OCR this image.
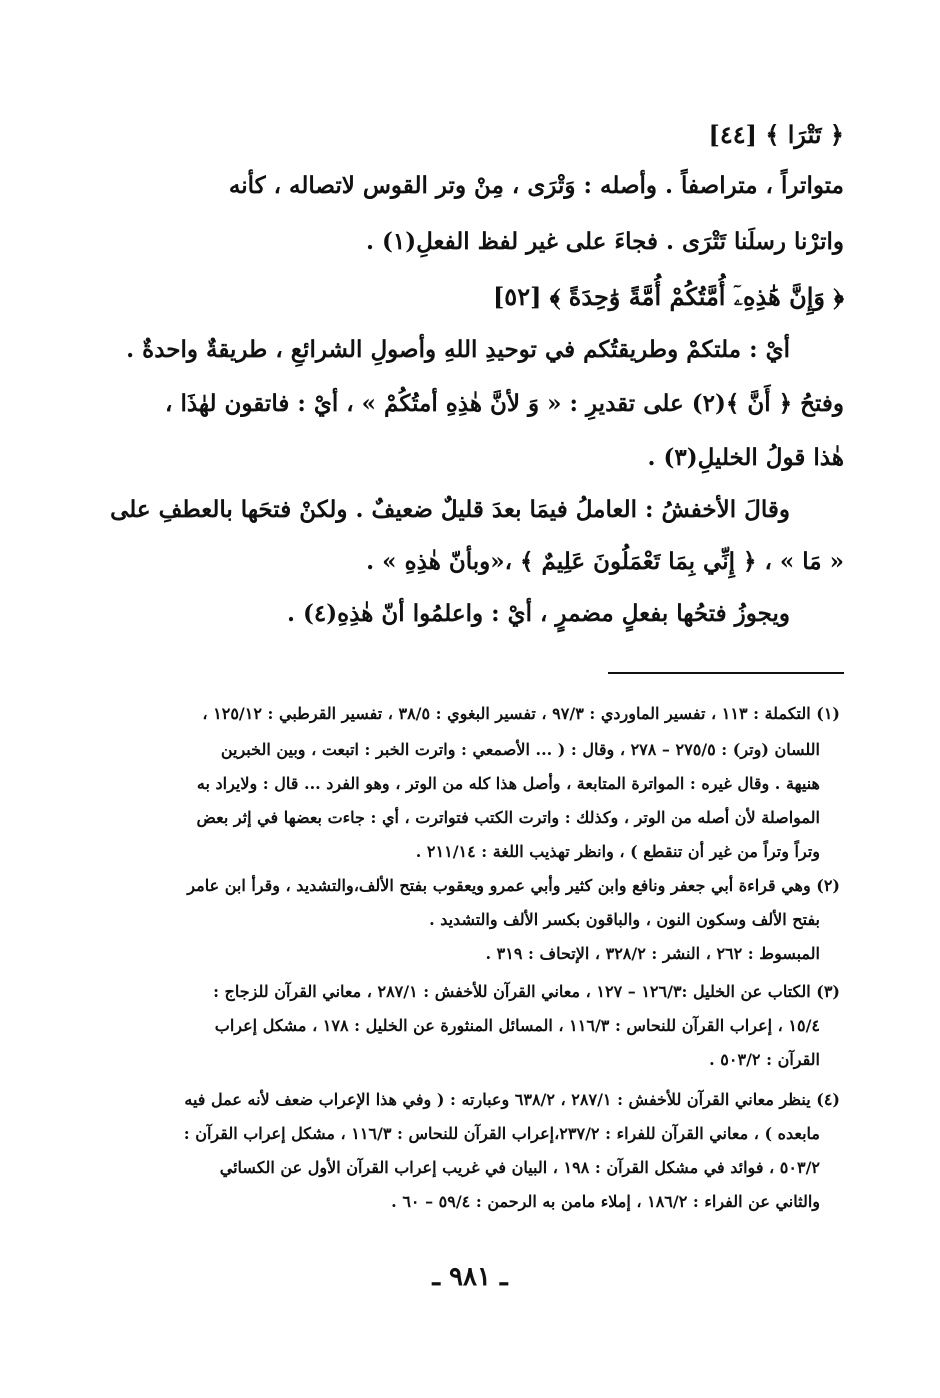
﴿ تَتْرَا ﴾ [٤٤]
متواتراً ، متراصفاً . وأصله : وَتْرَى ، مِنْ وتر القوس لاتصاله ، كأنه
واترْنا رسلَنا تَتْرَى . فجاءَ على غير لفظ الفعلِ(١) .
﴿ وَإِنَّ هَٰذِهِۦٓ أُمَّتُكُمْ أُمَّةً وَٰحِدَةً ﴾ [٥٢]
أيْ : ملتكمْ وطريقتُكم في توحيدِ اللهِ وأصولِ الشرائعِ ، طريقةٌ واحدةٌ .
وفتحُ ﴿ أَنَّ ﴾(٢) على تقديرِ : « وَ لأنَّ هٰذِهِ أمتُكُمْ » ، أيْ : فاتقون لهٰذَا ،
هٰذا قولُ الخليلِ(٣) .
وقالَ الأخفشُ : العاملُ فيمَا بعدَ قليلٌ ضعيفٌ . ولكنْ فتحَها بالعطفِ على
« مَا » ، ﴿ إِنِّي بِمَا تَعْمَلُونَ عَلِيمٌ ﴾ ،«وبأنّ هٰذِهِ » .
ويجوزُ فتحُها بفعلٍ مضمرٍ ، أيْ : واعلمُوا أنّ هٰذِهِ(٤) .
(١) التكملة : ١١٣ ، تفسير الماوردي : ٩٧/٣ ، تفسير البغوي : ٣٨/٥ ، تفسير القرطبي : ١٢٥/١٢ ،
اللسان (وتر) : ٢٧٥/٥ – ٢٧٨ ، وقال : ( ... الأصمعي : واترت الخبر : اتبعت ، وبين الخبرين
هنيهة . وقال غيره : المواترة المتابعة ، وأصل هذا كله من الوتر ، وهو الفرد ... قال : ولايراد به
المواصلة لأن أصله من الوتر ، وكذلك : واترت الكتب فتواترت ، أي : جاءت بعضها في إثر بعض
وتراً وتراً من غير أن تنقطع ) ، وانظر تهذيب اللغة : ٢١١/١٤ .
(٢) وهي قراءة أبي جعفر ونافع وابن كثير وأبي عمرو ويعقوب بفتح الألف،والتشديد ، وقرأ ابن عامر
بفتح الألف وسكون النون ، والباقون بكسر الألف والتشديد .
المبسوط : ٢٦٢ ، النشر : ٣٢٨/٢ ، الإتحاف : ٣١٩ .
(٣) الكتاب عن الخليل :١٢٦/٣ – ١٢٧ ، معاني القرآن للأخفش : ٢٨٧/١ ، معاني القرآن للزجاج :
١٥/٤ ، إعراب القرآن للنحاس : ١١٦/٣ ، المسائل المنثورة عن الخليل : ١٧٨ ، مشكل إعراب
القرآن : ٥٠٣/٢ .
(٤) ينظر معاني القرآن للأخفش : ٢٨٧/١ ، ٦٣٨/٢ وعبارته : ( وفي هذا الإعراب ضعف لأنه عمل فيه
مابعده ) ، معاني القرآن للفراء : ٢٣٧/٢،إعراب القرآن للنحاس : ١١٦/٣ ، مشكل إعراب القرآن :
٥٠٣/٢ ، فوائد في مشكل القرآن : ١٩٨ ، البيان في غريب إعراب القرآن الأول عن الكسائي
والثاني عن الفراء : ١٨٦/٢ ، إملاء مامن به الرحمن : ٥٩/٤ – ٦٠ .
ـ ٩٨١ ـ
